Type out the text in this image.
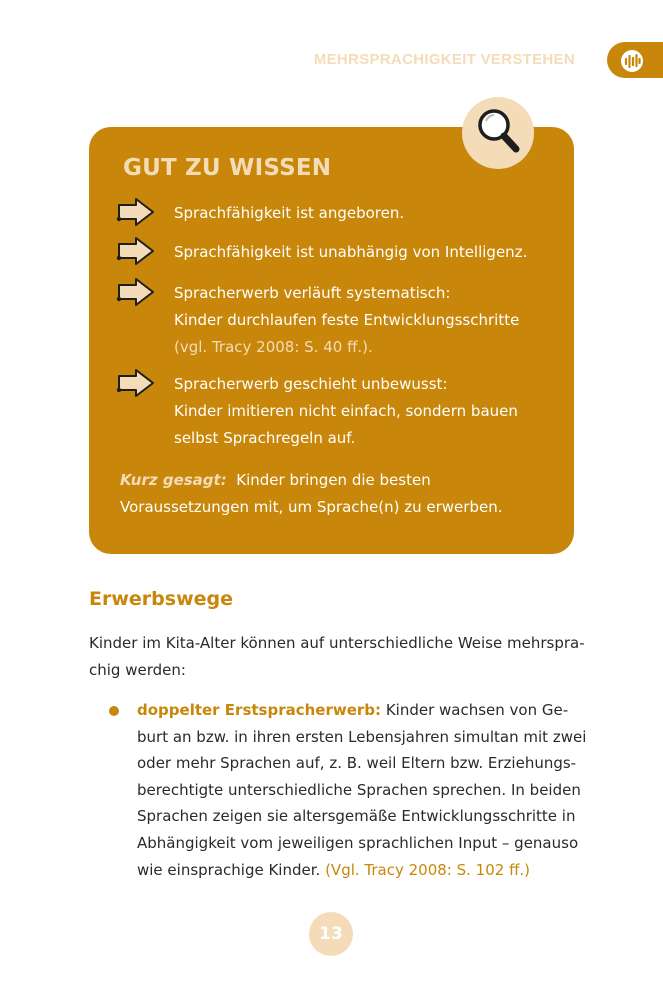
MEHRSPRACHIGKEIT VERSTEHEN
GUT ZU WISSEN
Sprachfähigkeit ist angeboren.
Sprachfähigkeit ist unabhängig von Intelligenz.
Spracherwerb verläuft systematisch:
Kinder durchlaufen feste Entwicklungsschritte
(vgl. Tracy 2008: S. 40 ff.).
Spracherwerb geschieht unbewusst:
Kinder imitieren nicht einfach, sondern bauen
selbst Sprachregeln auf.
Kurz gesagt: Kinder bringen die besten
Voraussetzungen mit, um Sprache(n) zu erwerben.
Erwerbswege
Kinder im Kita-Alter können auf unterschiedliche Weise mehrspra-
chig werden:
doppelter Erstspracherwerb: Kinder wachsen von Ge-
burt an bzw. in ihren ersten Lebensjahren simultan mit zwei
oder mehr Sprachen auf, z. B. weil Eltern bzw. Erziehungs-
berechtigte unterschiedliche Sprachen sprechen. In beiden
Sprachen zeigen sie altersgemäße Entwicklungsschritte in
Abhängigkeit vom jeweiligen sprachlichen Input – genauso
wie einsprachige Kinder. (Vgl. Tracy 2008: S. 102 ff.)
13
